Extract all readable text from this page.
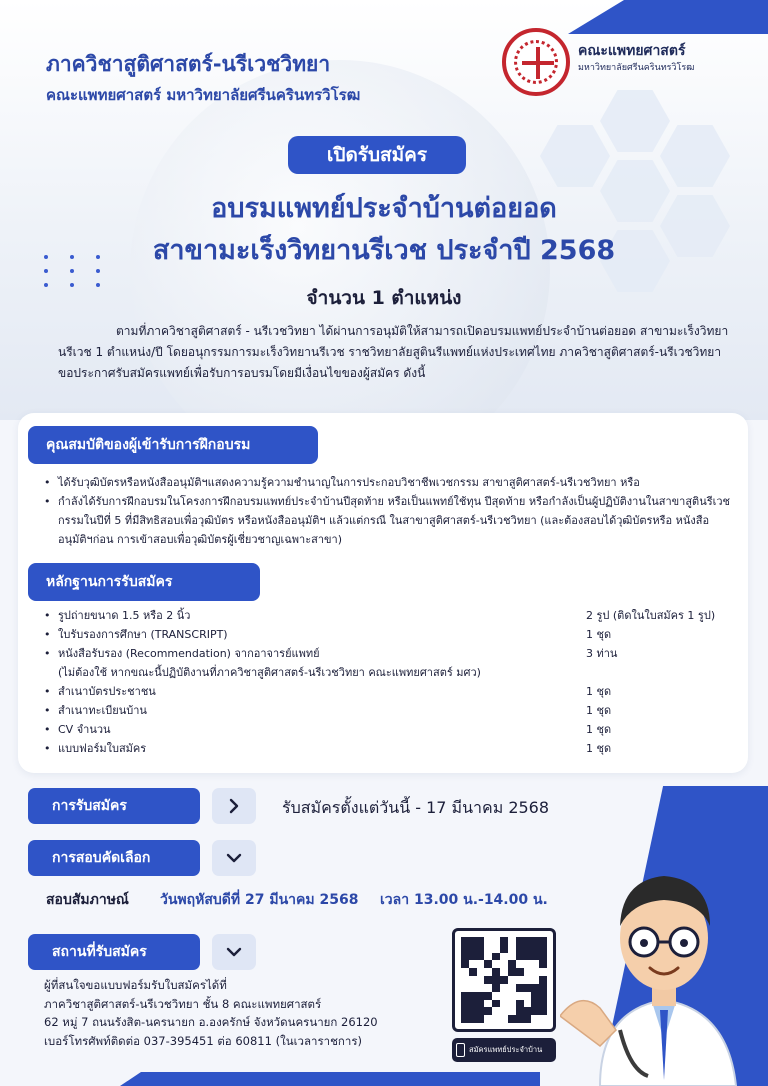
ภาควิชาสูติศาสตร์-นรีเวชวิทยา
คณะแพทยศาสตร์ มหาวิทยาลัยศรีนครินทรวิโรฒ
คณะแพทยศาสตร์
มหาวิทยาลัยศรีนครินทรวิโรฒ
เปิดรับสมัคร
อบรมแพทย์ประจำบ้านต่อยอด
สาขามะเร็งวิทยานรีเวช ประจำปี 2568
จำนวน 1 ตำแหน่ง

ตามที่ภาควิชาสูติศาสตร์ - นรีเวชวิทยา ได้ผ่านการอนุมัติให้สามารถเปิดอบรมแพทย์ประจำบ้านต่อยอด สาขามะเร็งวิทยานรีเวช 1 ตำแหน่ง/ปี โดยอนุกรรมการมะเร็งวิทยานรีเวช ราชวิทยาลัยสูตินรีแพทย์แห่งประเทศไทย ภาควิชาสูติศาสตร์-นรีเวชวิทยา ขอประกาศรับสมัครแพทย์เพื่อรับการอบรมโดยมีเงื่อนไขของผู้สมัคร ดังนี้

คุณสมบัติของผู้เข้ารับการฝึกอบรม
• ได้รับวุฒิบัตรหรือหนังสืออนุมัติฯแสดงความรู้ความชำนาญในการประกอบวิชาชีพเวชกรรม สาขาสูติศาสตร์-นรีเวชวิทยา หรือ
• กำลังได้รับการฝึกอบรมในโครงการฝึกอบรมแพทย์ประจำบ้านปีสุดท้าย หรือเป็นแพทย์ใช้ทุน ปีสุดท้าย หรือกำลังเป็นผู้ปฏิบัติงานในสาขาสูตินรีเวชกรรมในปีที่ 5 ที่มีสิทธิสอบเพื่อวุฒิบัตร หรือหนังสืออนุมัติฯ แล้วแต่กรณี ในสาขาสูติศาสตร์-นรีเวชวิทยา (และต้องสอบได้วุฒิบัตรหรือ หนังสืออนุมัติฯก่อน การเข้าสอบเพื่อวุฒิบัตรผู้เชี่ยวชาญเฉพาะสาขา)
หลักฐานการรับสมัคร
• รูปถ่ายขนาด 1.5 หรือ 2 นิ้ว	2 รูป (ติดในใบสมัคร 1 รูป)
• ใบรับรองการศึกษา (TRANSCRIPT)	1 ชุด
• หนังสือรับรอง (Recommendation) จากอาจารย์แพทย์	3 ท่าน
(ไม่ต้องใช้ หากขณะนี้ปฏิบัติงานที่ภาควิชาสูติศาสตร์-นรีเวชวิทยา คณะแพทยศาสตร์ มศว)
• สำเนาบัตรประชาชน	1 ชุด
• สำเนาทะเบียนบ้าน	1 ชุด
• CV จำนวน	1 ชุด
• แบบฟอร์มใบสมัคร	1 ชุด
การรับสมัคร	รับสมัครตั้งแต่วันนี้ - 17 มีนาคม 2568
การสอบคัดเลือก
สอบสัมภาษณ์ วันพฤหัสบดีที่ 27 มีนาคม 2568 เวลา 13.00 น.-14.00 น.
สถานที่รับสมัคร
ผู้ที่สนใจขอแบบฟอร์มรับใบสมัครได้ที่
ภาควิชาสูติศาสตร์-นรีเวชวิทยา ชั้น 8 คณะแพทยศาสตร์
62 หมู่ 7 ถนนรังสิต-นครนายก อ.องครักษ์ จังหวัดนครนายก 26120
เบอร์โทรศัพท์ติดต่อ 037-395451 ต่อ 60811 (ในเวลาราชการ)
สมัครแพทย์ประจำบ้าน
